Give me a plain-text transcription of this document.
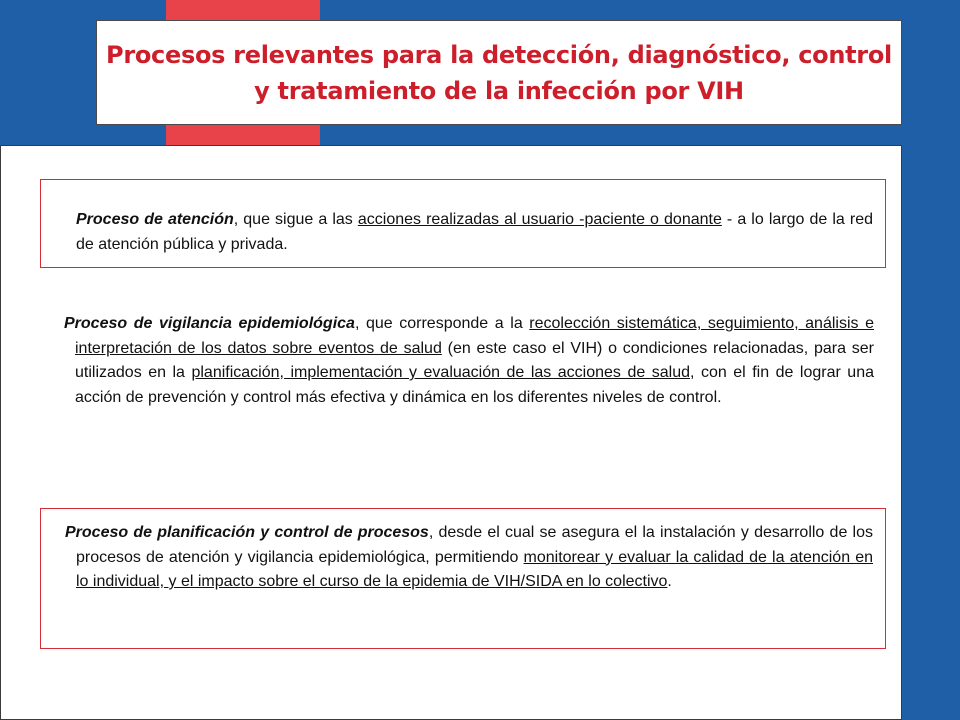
Procesos relevantes para la detección, diagnóstico, control y tratamiento de la infección por VIH

Proceso de atención, que sigue a las acciones realizadas al usuario -paciente o donante - a lo largo de la red de atención pública y privada.

Proceso de vigilancia epidemiológica, que corresponde a la recolección sistemática, seguimiento, análisis e interpretación de los datos sobre eventos de salud (en este caso el VIH) o condiciones relacionadas, para ser utilizados en la planificación, implementación y evaluación de las acciones de salud, con el fin de lograr una acción de prevención y control más efectiva y dinámica en los diferentes niveles de control.

Proceso de planificación y control de procesos, desde el cual se asegura el la instalación y desarrollo de los procesos de atención y vigilancia epidemiológica, permitiendo monitorear y evaluar la calidad de la atención en lo individual, y el impacto sobre el curso de la epidemia de VIH/SIDA en lo colectivo.
